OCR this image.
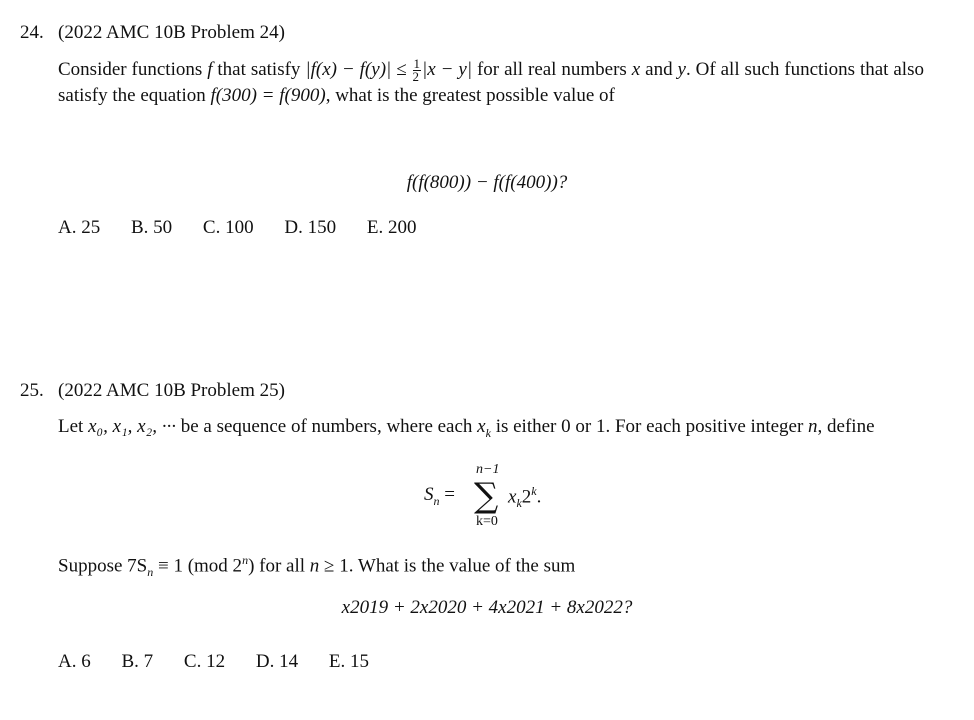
24. (2022 AMC 10B Problem 24)
Consider functions f that satisfy $|f(x) - f(y)| \le \frac{1}{2} |x - y|$ for all real numbers x and y. Of all such functions that also satisfy the equation f(300) = f(900), what is the greatest possible value of
f(f(800)) − f(f(400))?
A. 25 B. 50 C. 100 D. 150 E. 200
25. (2022 AMC 10B Problem 25)
Let x₀, x₁, x₂, ··· be a sequence of numbers, where each $x_k$ is either 0 or 1. For each positive integer n, define
n−1
$S_n$ = ∑ $x_k2^k$.
k=0
Suppose $7S_n \equiv 1$ (mod 2$^n$) for all n ≥ 1. What is the value of the sum
x2019 + 2x2020 + 4x2021 + 8x2022?
A. 6 B. 7 C. 12 D. 14 E. 15
